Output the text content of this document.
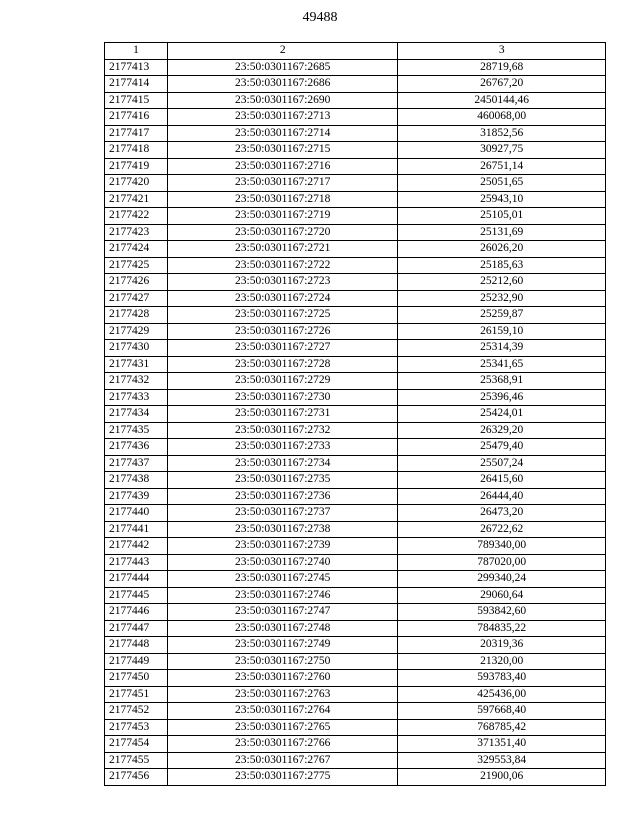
49488
1	2	3
2177413	23:50:0301167:2685	28719,68
2177414	23:50:0301167:2686	26767,20
2177415	23:50:0301167:2690	2450144,46
2177416	23:50:0301167:2713	460068,00
2177417	23:50:0301167:2714	31852,56
2177418	23:50:0301167:2715	30927,75
2177419	23:50:0301167:2716	26751,14
2177420	23:50:0301167:2717	25051,65
2177421	23:50:0301167:2718	25943,10
2177422	23:50:0301167:2719	25105,01
2177423	23:50:0301167:2720	25131,69
2177424	23:50:0301167:2721	26026,20
2177425	23:50:0301167:2722	25185,63
2177426	23:50:0301167:2723	25212,60
2177427	23:50:0301167:2724	25232,90
2177428	23:50:0301167:2725	25259,87
2177429	23:50:0301167:2726	26159,10
2177430	23:50:0301167:2727	25314,39
2177431	23:50:0301167:2728	25341,65
2177432	23:50:0301167:2729	25368,91
2177433	23:50:0301167:2730	25396,46
2177434	23:50:0301167:2731	25424,01
2177435	23:50:0301167:2732	26329,20
2177436	23:50:0301167:2733	25479,40
2177437	23:50:0301167:2734	25507,24
2177438	23:50:0301167:2735	26415,60
2177439	23:50:0301167:2736	26444,40
2177440	23:50:0301167:2737	26473,20
2177441	23:50:0301167:2738	26722,62
2177442	23:50:0301167:2739	789340,00
2177443	23:50:0301167:2740	787020,00
2177444	23:50:0301167:2745	299340,24
2177445	23:50:0301167:2746	29060,64
2177446	23:50:0301167:2747	593842,60
2177447	23:50:0301167:2748	784835,22
2177448	23:50:0301167:2749	20319,36
2177449	23:50:0301167:2750	21320,00
2177450	23:50:0301167:2760	593783,40
2177451	23:50:0301167:2763	425436,00
2177452	23:50:0301167:2764	597668,40
2177453	23:50:0301167:2765	768785,42
2177454	23:50:0301167:2766	371351,40
2177455	23:50:0301167:2767	329553,84
2177456	23:50:0301167:2775	21900,06
